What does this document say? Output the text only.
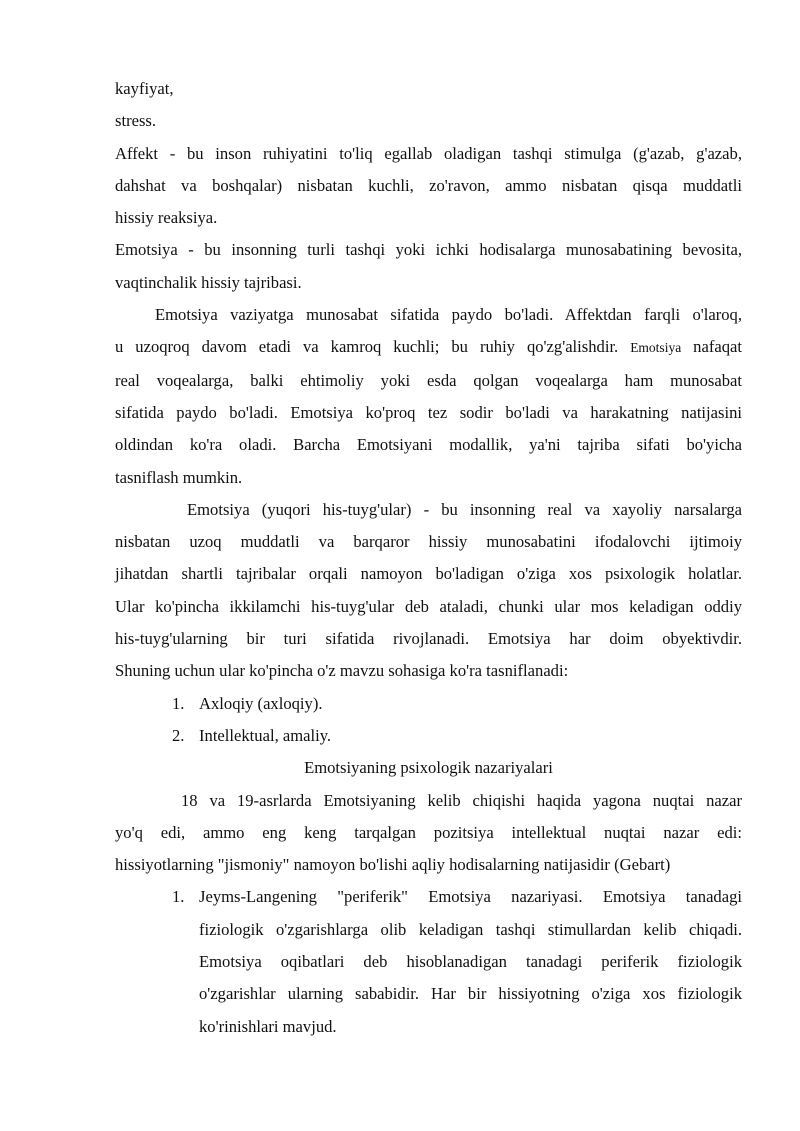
kayfiyat,

stress.

Affekt - bu inson ruhiyatini to'liq egallab oladigan tashqi stimulga (g'azab, g'azab,

dahshat va boshqalar) nisbatan kuchli, zo'ravon, ammo nisbatan qisqa muddatli

hissiy reaksiya.

Emotsiya - bu insonning turli tashqi yoki ichki hodisalarga munosabatining bevosita,

vaqtinchalik hissiy tajribasi.

Emotsiya vaziyatga munosabat sifatida paydo bo'ladi. Affektdan farqli o'laroq,

u uzoqroq davom etadi va kamroq kuchli; bu ruhiy qo'zg'alishdir. Emotsiya nafaqat

real voqealarga, balki ehtimoliy yoki esda qolgan voqealarga ham munosabat

sifatida paydo bo'ladi. Emotsiya ko'proq tez sodir bo'ladi va harakatning natijasini

oldindan ko'ra oladi. Barcha Emotsiyani modallik, ya'ni tajriba sifati bo'yicha

tasniflash mumkin.

Emotsiya (yuqori his-tuyg'ular) - bu insonning real va xayoliy narsalarga

nisbatan uzoq muddatli va barqaror hissiy munosabatini ifodalovchi ijtimoiy

jihatdan shartli tajribalar orqali namoyon bo'ladigan o'ziga xos psixologik holatlar.

Ular ko'pincha ikkilamchi his-tuyg'ular deb ataladi, chunki ular mos keladigan oddiy

his-tuyg'ularning bir turi sifatida rivojlanadi. Emotsiya har doim obyektivdir.

Shuning uchun ular ko'pincha o'z mavzu sohasiga ko'ra tasniflanadi:

1. Axloqiy (axloqiy).

2. Intellektual, amaliy.

Emotsiyaning psixologik nazariyalari

18 va 19-asrlarda Emotsiyaning kelib chiqishi haqida yagona nuqtai nazar

yo'q edi, ammo eng keng tarqalgan pozitsiya intellektual nuqtai nazar edi:

hissiyotlarning "jismoniy" namoyon bo'lishi aqliy hodisalarning natijasidir (Gebart)

1. Jeyms-Langening "periferik" Emotsiya nazariyasi. Emotsiya tanadagi
fiziologik o'zgarishlarga olib keladigan tashqi stimullardan kelib chiqadi.
Emotsiya oqibatlari deb hisoblanadigan tanadagi periferik fiziologik
o'zgarishlar ularning sababidir. Har bir hissiyotning o'ziga xos fiziologik
ko'rinishlari mavjud.
